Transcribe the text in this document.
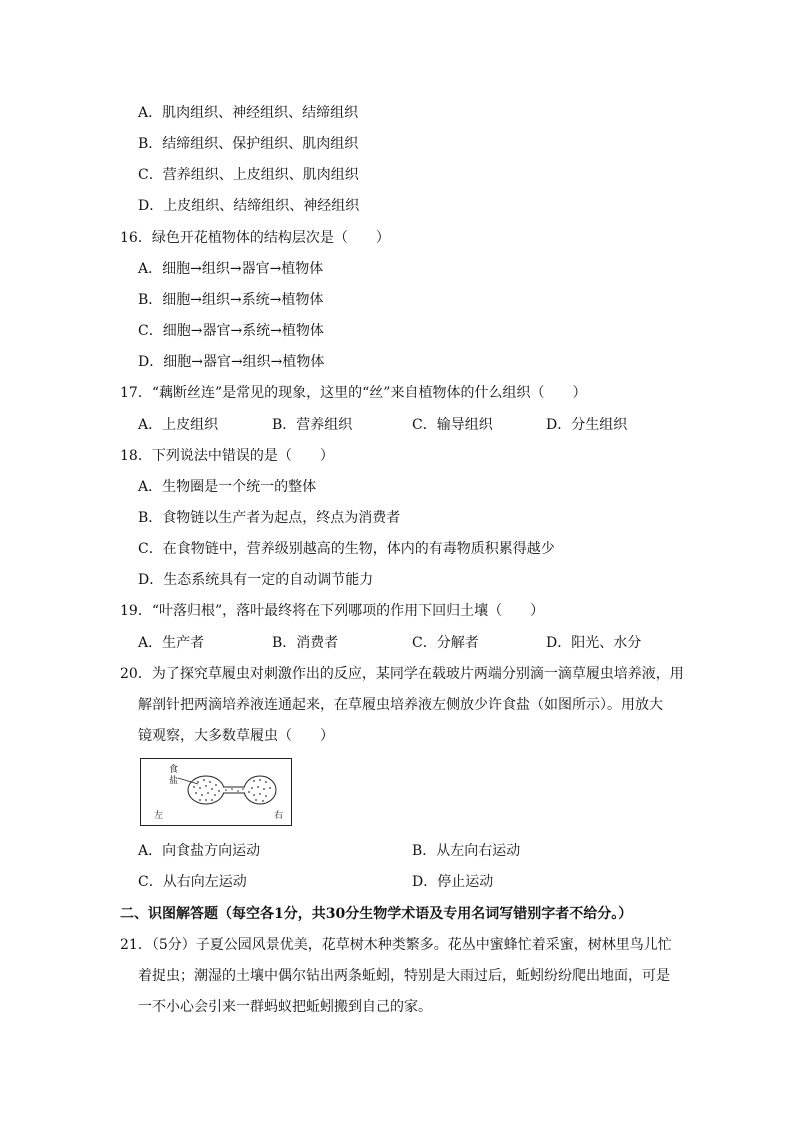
A．肌肉组织、神经组织、结缔组织
B．结缔组织、保护组织、肌肉组织
C．营养组织、上皮组织、肌肉组织
D．上皮组织、结缔组织、神经组织
16．绿色开花植物体的结构层次是（　　）
A．细胞→组织→器官→植物体
B．细胞→组织→系统→植物体
C．细胞→器官→系统→植物体
D．细胞→器官→组织→植物体
17．“藕断丝连”是常见的现象，这里的“丝”来自植物体的什么组织（　　）
A．上皮组织	B．营养组织	C．输导组织	D．分生组织
18．下列说法中错误的是（　　）
A．生物圈是一个统一的整体
B．食物链以生产者为起点，终点为消费者
C．在食物链中，营养级别越高的生物，体内的有毒物质积累得越少
D．生态系统具有一定的自动调节能力
19．“叶落归根”，落叶最终将在下列哪项的作用下回归土壤（　　）
A．生产者	B．消费者	C．分解者	D．阳光、水分
20．为了探究草履虫对刺激作出的反应，某同学在载玻片两端分别滴一滴草履虫培养液，用
解剖针把两滴培养液连通起来，在草履虫培养液左侧放少许食盐（如图所示）。用放大
镜观察，大多数草履虫（　　）
食
盐
左	右
A．向食盐方向运动	B．从左向右运动
C．从右向左运动	D．停止运动
二、识图解答题（每空各1分，共30分生物学术语及专用名词写错别字者不给分。）
21．（5分）子夏公园风景优美，花草树木种类繁多。花丛中蜜蜂忙着采蜜，树林里鸟儿忙
着捉虫；潮湿的土壤中偶尔钻出两条蚯蚓，特别是大雨过后，蚯蚓纷纷爬出地面，可是
一不小心会引来一群蚂蚁把蚯蚓搬到自己的家。
